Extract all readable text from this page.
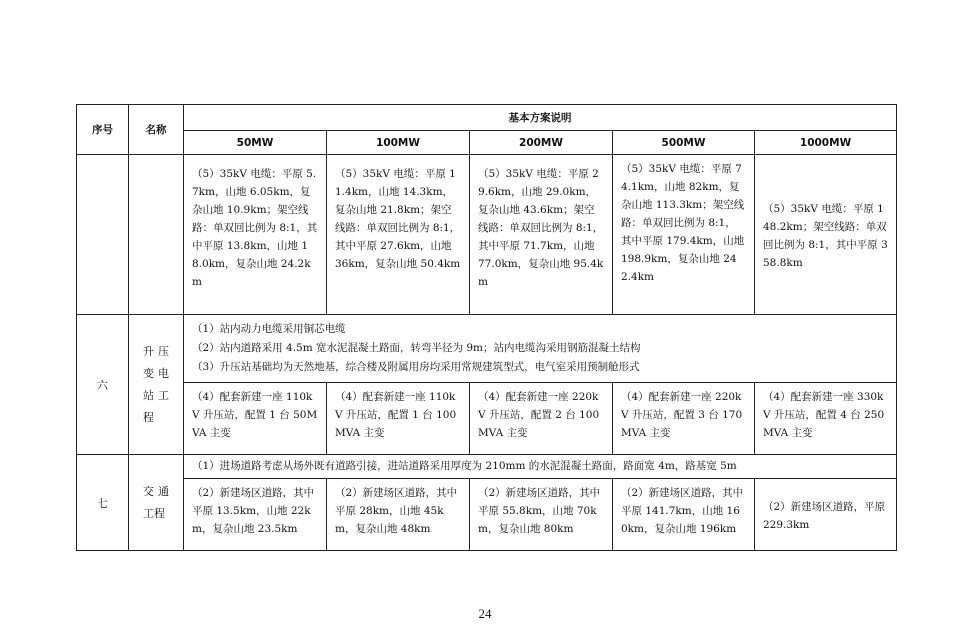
序号	名称	基本方案说明				
		50MW	100MW	200MW	500MW	1000MW
		（5）35kV 电缆：平原 5.7km，山地 6.05km，复杂山地 10.9km；架空线路：单双回比例为 8:1，其中平原 13.8km，山地 18.0km，复杂山地 24.2km	（5）35kV 电缆：平原 11.4km，山地 14.3km，复杂山地 21.8km；架空线路：单双回比例为 8:1，其中平原 27.6km，山地 36km，复杂山地 50.4km	（5）35kV 电缆：平原 29.6km，山地 29.0km，复杂山地 43.6km；架空线路：单双回比例为 8:1，其中平原 71.7km，山地 77.0km，复杂山地 95.4km	（5）35kV 电缆：平原 74.1km，山地 82km，复杂山地 113.3km；架空线路：单双回比例为 8:1，其中平原 179.4km，山地 198.9km，复杂山地 242.4km	（5）35kV 电缆：平原 148.2km；架空线路：单双回比例为 8:1，其中平原 358.8km
六	升压变电站工程	（1）站内动力电缆采用铜芯电缆
（2）站内道路采用 4.5m 宽水泥混凝土路面，转弯半径为 9m；站内电缆沟采用钢筋混凝土结构
（3）升压站基础均为天然地基，综合楼及附属用房均采用常规建筑型式，电气室采用预制舱形式				

		（4）配套新建一座 110kV 升压站，配置 1 台 50MVA 主变	（4）配套新建一座 110kV 升压站，配置 1 台 100MVA 主变	（4）配套新建一座 220kV 升压站，配置 2 台 100MVA 主变	（4）配套新建一座 220kV 升压站，配置 3 台 170MVA 主变	（4）配套新建一座 330kV 升压站，配置 4 台 250MVA 主变
七	交通工程	（1）进场道路考虑从场外既有道路引接，进站道路采用厚度为 210mm 的水泥混凝土路面，路面宽 4m，路基宽 5m				

		（2）新建场区道路，其中平原 13.5km，山地 22km，复杂山地 23.5km	（2）新建场区道路，其中平原 28km，山地 45km，复杂山地 48km	（2）新建场区道路，其中平原 55.8km，山地 70km，复杂山地 80km	（2）新建场区道路，其中平原 141.7km，山地 160km，复杂山地 196km	（2）新建场区道路，平原 229.3km
24
